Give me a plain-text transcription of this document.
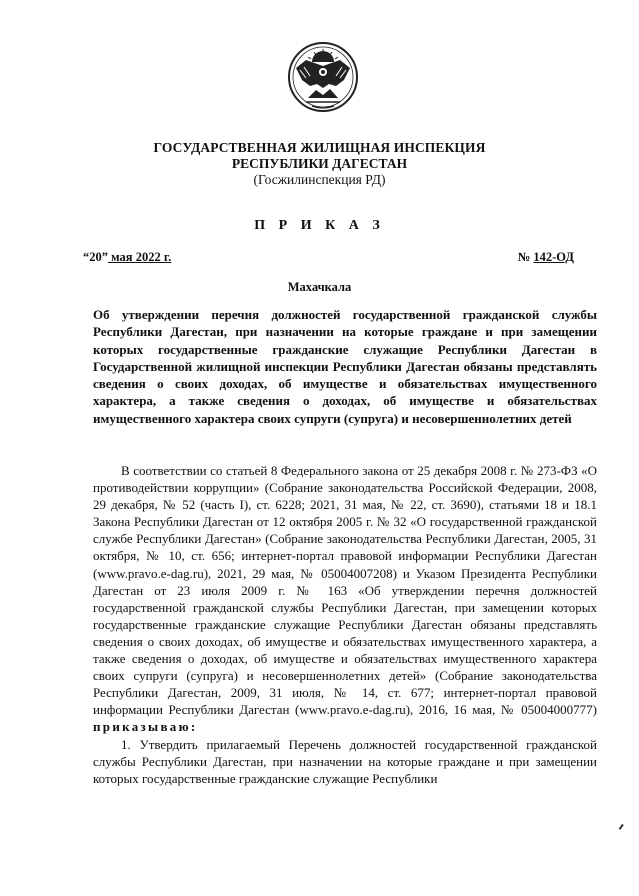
ГОСУДАРСТВЕННАЯ ЖИЛИЩНАЯ ИНСПЕКЦИЯ
РЕСПУБЛИКИ ДАГЕСТАН
(Госжилинспекция РД)
П Р И К А З
“20” мая 2022 г.	№ 142-ОД
Махачкала
Об утверждении перечня должностей государственной гражданской службы Республики Дагестан, при назначении на которые граждане и при замещении которых государственные гражданские служащие Республики Дагестан в Государственной жилищной инспекции Республики Дагестан обязаны представлять сведения о своих доходах, об имуществе и обязательствах имущественного характера, а также сведения о доходах, об имуществе и обязательствах имущественного характера своих супруги (супруга) и несовершеннолетних детей

В соответствии со статьей 8 Федерального закона от 25 декабря 2008 г. № 273-ФЗ «О противодействии коррупции» (Собрание законодательства Российской Федерации, 2008, 29 декабря, № 52 (часть I), ст. 6228; 2021, 31 мая, № 22, ст. 3690), статьями 18 и 18.1 Закона Республики Дагестан от 12 октября 2005 г. № 32 «О государственной гражданской службе Республики Дагестан» (Собрание законодательства Республики Дагестан, 2005, 31 октября, № 10, ст. 656; интернет-портал правовой информации Республики Дагестан (www.pravo.e-dag.ru), 2021, 29 мая, № 05004007208) и Указом Президента Республики Дагестан от 23 июля 2009 г. № 163 «Об утверждении перечня должностей государственной гражданской службы Республики Дагестан, при замещении которых государственные гражданские служащие Республики Дагестан обязаны представлять сведения о своих доходах, об имуществе и обязательствах имущественного характера, а также сведения о доходах, об имуществе и обязательствах имущественного характера своих супруги (супруга) и несовершеннолетних детей» (Собрание законодательства Республики Дагестан, 2009, 31 июля, № 14, ст. 677; интернет-портал правовой информации Республики Дагестан (www.pravo.e-dag.ru), 2016, 16 мая, № 05004000777) приказываю:

1. Утвердить прилагаемый Перечень должностей государственной гражданской службы Республики Дагестан, при назначении на которые граждане и при замещении которых государственные гражданские служащие Республики
